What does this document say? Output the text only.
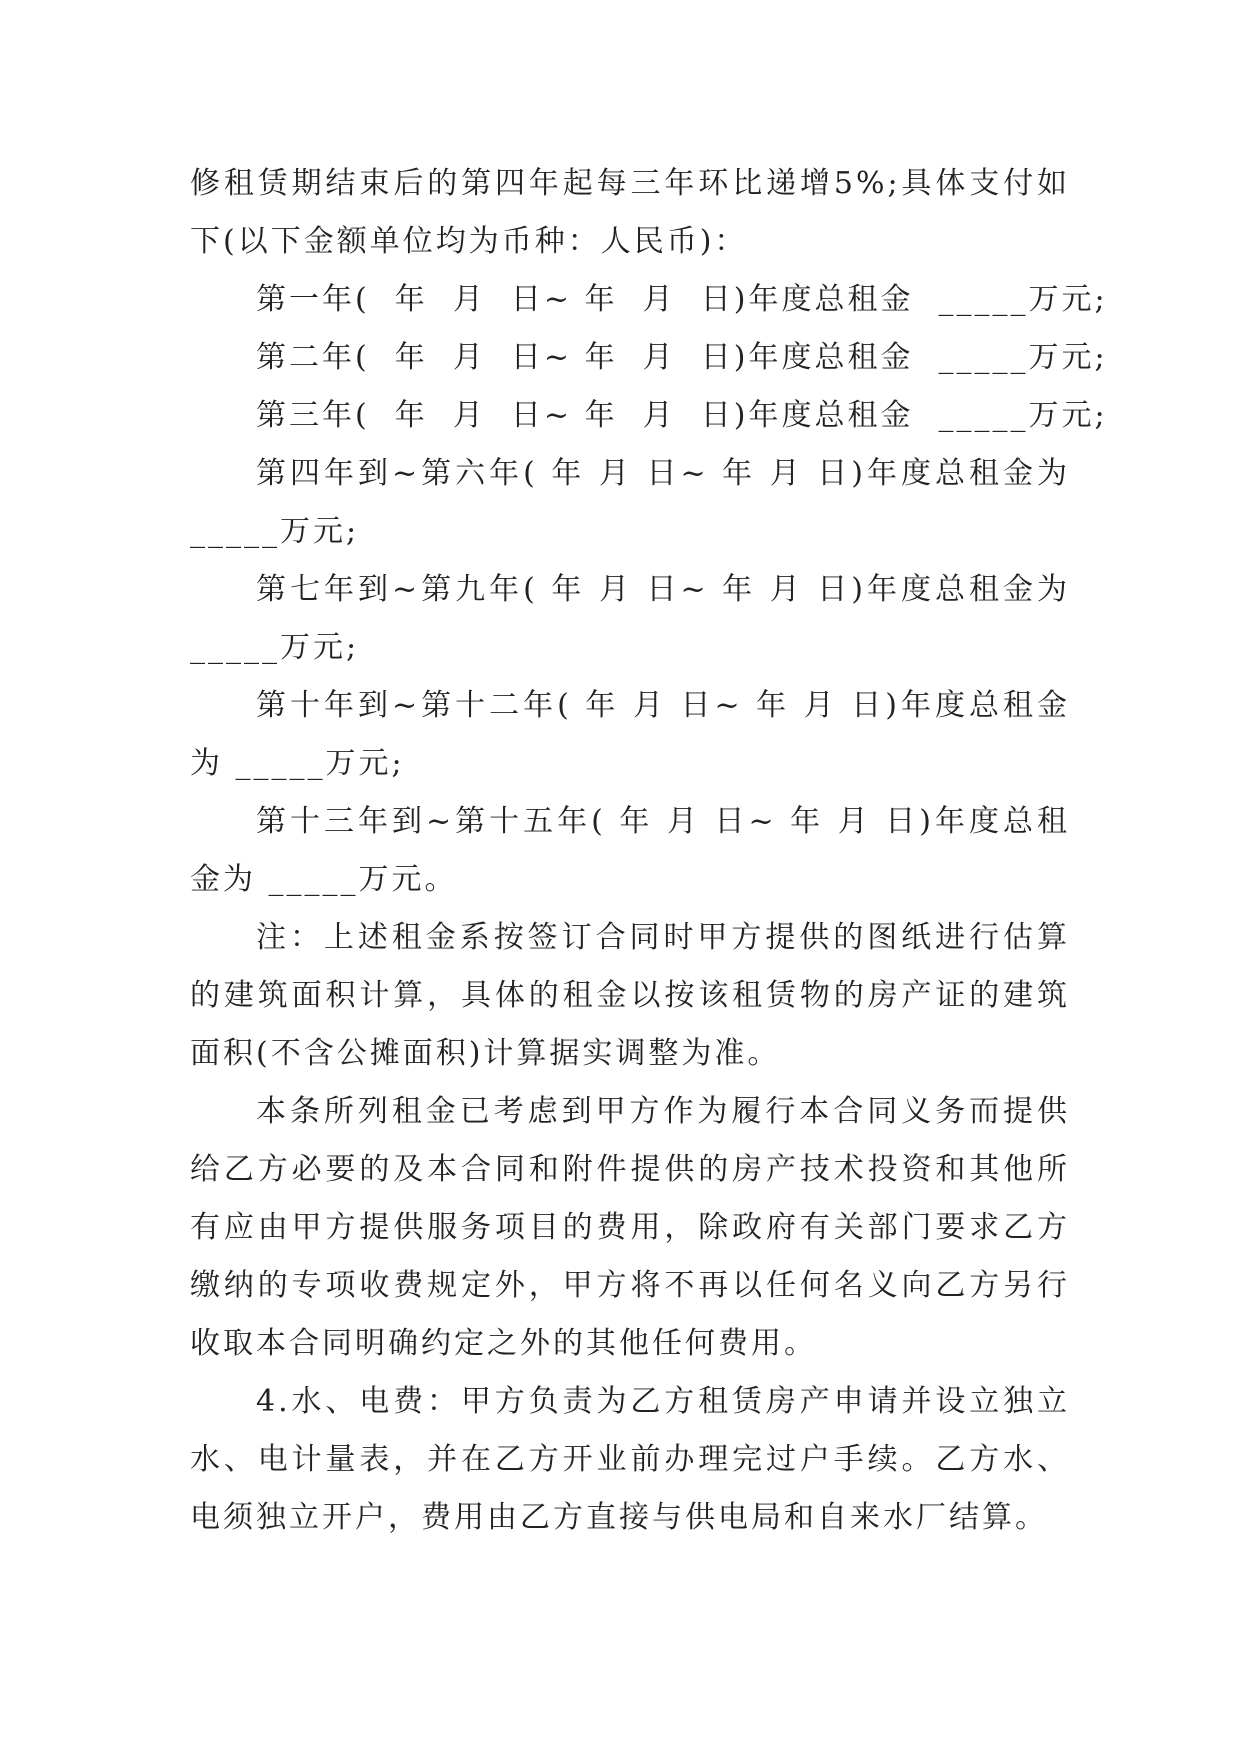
修租赁期结束后的第四年起每三年环比递增5%;具体支付如下(以下金额单位均为币种：人民币)：

第一年(  年  月  日~ 年  月  日)年度总租金  _____万元;
第二年(  年  月  日~ 年  月  日)年度总租金  _____万元;
第三年(  年  月  日~ 年  月  日)年度总租金  _____万元;

第四年到~第六年( 年 月 日~ 年 月 日)年度总租金为 _____万元;

第七年到~第九年( 年 月 日~ 年 月 日)年度总租金为 _____万元;

第十年到~第十二年( 年 月 日~ 年 月 日)年度总租金为 _____万元;

第十三年到~第十五年( 年 月 日~ 年 月 日)年度总租金为 _____万元。

注：上述租金系按签订合同时甲方提供的图纸进行估算的建筑面积计算，具体的租金以按该租赁物的房产证的建筑面积(不含公摊面积)计算据实调整为准。

本条所列租金已考虑到甲方作为履行本合同义务而提供给乙方必要的及本合同和附件提供的房产技术投资和其他所有应由甲方提供服务项目的费用，除政府有关部门要求乙方缴纳的专项收费规定外，甲方将不再以任何名义向乙方另行收取本合同明确约定之外的其他任何费用。

4.水、电费：甲方负责为乙方租赁房产申请并设立独立水、电计量表，并在乙方开业前办理完过户手续。乙方水、电须独立开户，费用由乙方直接与供电局和自来水厂结算。
